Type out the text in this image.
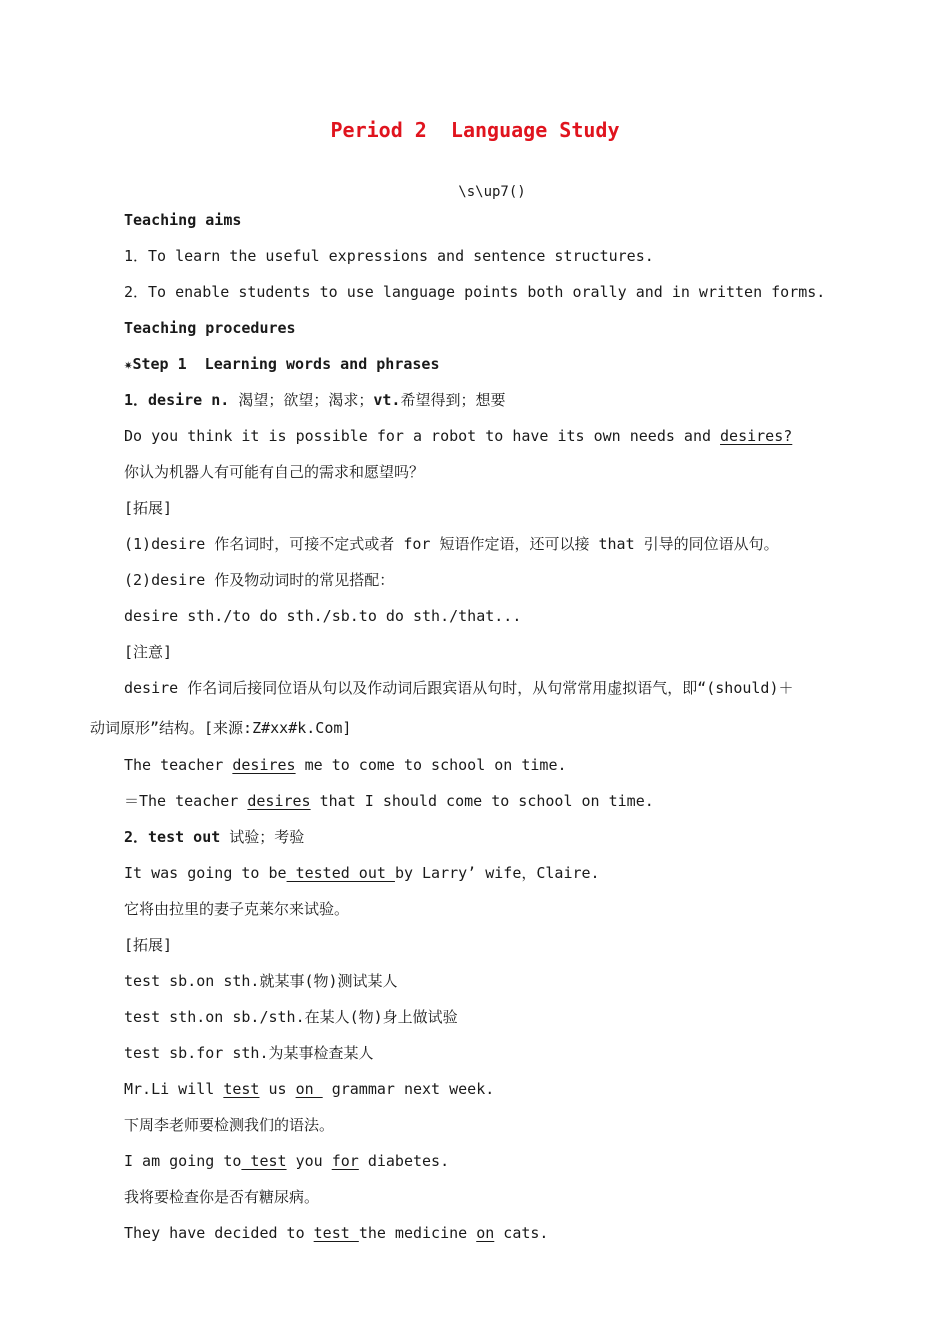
Period 2  Language Study
\s\up7()
Teaching aims
1．To learn the useful expressions and sentence structures.
2．To enable students to use language points both orally and in written forms.
Teaching procedures
✷Step 1  Learning words and phrases
1．desire n. 渴望；欲望；渴求；vt.希望得到；想要
Do you think it is possible for a robot to have its own needs and desires?
你认为机器人有可能有自己的需求和愿望吗？
[拓展]
(1)desire 作名词时，可接不定式或者 for 短语作定语，还可以接 that 引导的同位语从句。
(2)desire 作及物动词时的常见搭配：
desire sth./to do sth./sb.to do sth./that...
[注意]
desire 作名词后接同位语从句以及作动词后跟宾语从句时，从句常常用虚拟语气，即“(should)＋
动词原形”结构。[来源:Z#xx#k.Com]
The teacher desires me to come to school on time.
＝The teacher desires that I should come to school on time.
2．test out 试验；考验
It was going to be tested out by Larry’ wife，Claire.
它将由拉里的妻子克莱尔来试验。
[拓展]
test sb.on sth.就某事(物)测试某人
test sth.on sb./sth.在某人(物)身上做试验
test sb.for sth.为某事检查某人
Mr.Li will test us on  grammar next week.
下周李老师要检测我们的语法。
I am going to test you for diabetes.
我将要检查你是否有糖尿病。
They have decided to test the medicine on cats.
